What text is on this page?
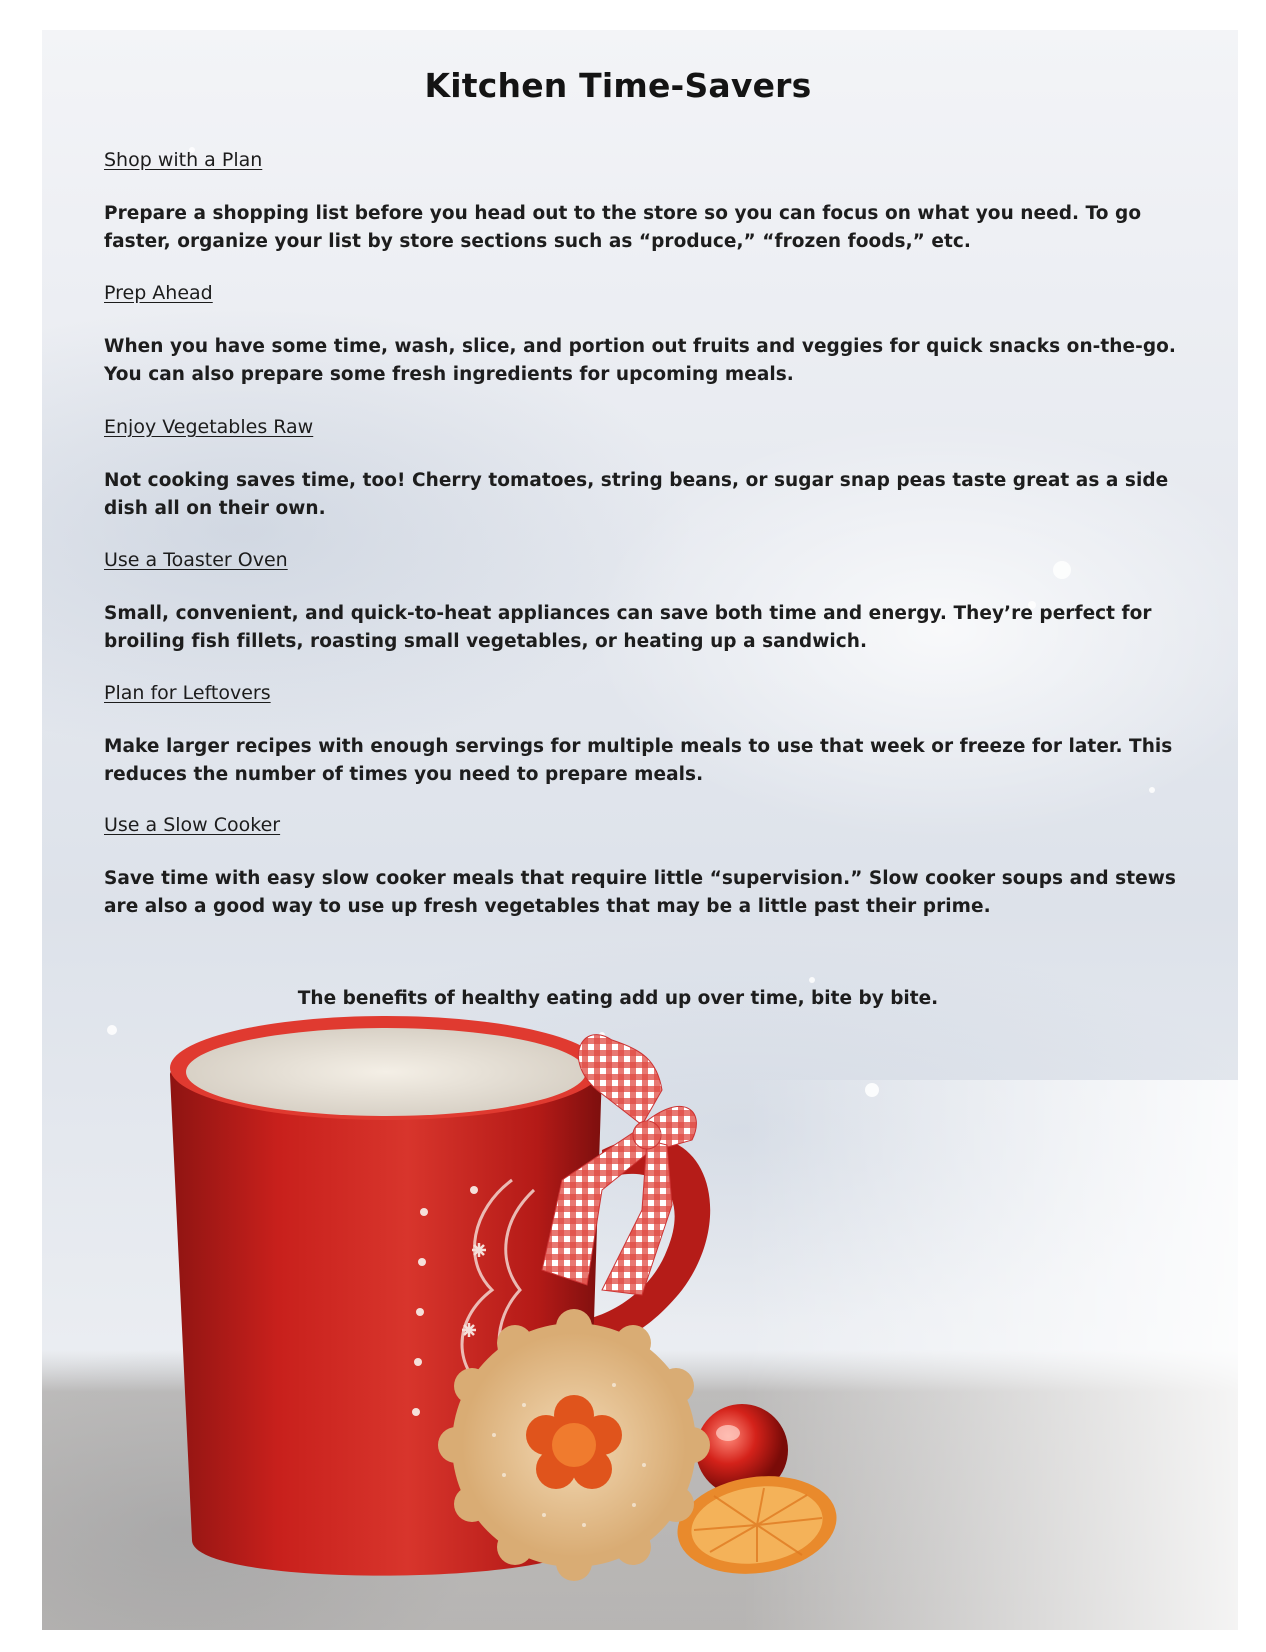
Kitchen Time-Savers

Shop with a Plan

Prepare a shopping list before you head out to the store so you can focus on what you need. To go faster, organize your list by store sections such as “produce,” “frozen foods,” etc.

Prep Ahead

When you have some time, wash, slice, and portion out fruits and veggies for quick snacks on-the-go. You can also prepare some fresh ingredients for upcoming meals.

Enjoy Vegetables Raw

Not cooking saves time, too! Cherry tomatoes, string beans, or sugar snap peas taste great as a side dish all on their own.

Use a Toaster Oven

Small, convenient, and quick-to-heat appliances can save both time and energy. They’re perfect for broiling fish fillets, roasting small vegetables, or heating up a sandwich.

Plan for Leftovers

Make larger recipes with enough servings for multiple meals to use that week or freeze for later. This reduces the number of times you need to prepare meals.

Use a Slow Cooker

Save time with easy slow cooker meals that require little “supervision.” Slow cooker soups and stews are also a good way to use up fresh vegetables that may be a little past their prime.

The benefits of healthy eating add up over time, bite by bite.
